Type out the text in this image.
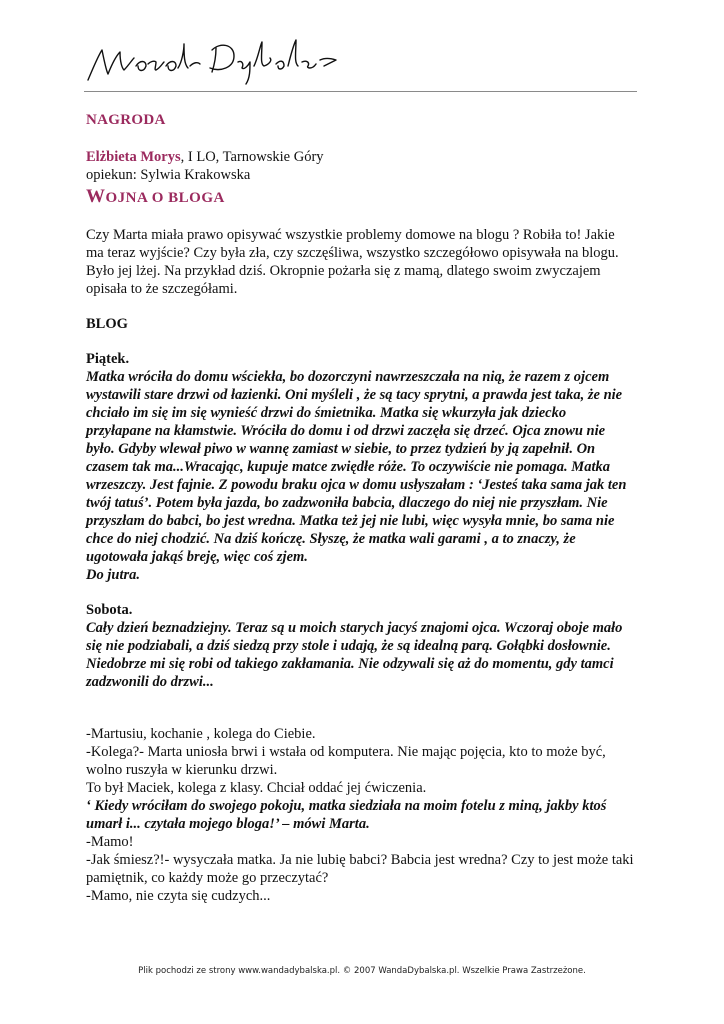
NAGRODA
Elżbieta Morys, I LO, Tarnowskie Góry
opiekun: Sylwia Krakowska
WOJNA O BLOGA

Czy Marta miała prawo opisywać wszystkie problemy domowe na blogu ? Robiła to! Jakie ma teraz wyjście? Czy była zła, czy szczęśliwa, wszystko szczegółowo opisywała na blogu. Było jej lżej. Na przykład dziś. Okropnie pożarła się z mamą, dlatego swoim zwyczajem opisała to że szczegółami.

BLOG

Piątek.

Matka wróciła do domu wściekła, bo dozorczyni nawrzeszczała na nią, że razem z ojcem wystawili stare drzwi od łazienki. Oni myśleli , że są tacy sprytni, a prawda jest taka, że nie chciało im się im się wynieść drzwi do śmietnika. Matka się wkurzyła jak dziecko przyłapane na kłamstwie. Wróciła do domu i od drzwi zaczęła się drzeć. Ojca znowu nie było. Gdyby wlewał piwo w wannę zamiast w siebie, to przez tydzień by ją zapełnił. On czasem tak ma...Wracając, kupuje matce zwiędłe róże. To oczywiście nie pomaga. Matka wrzeszczy. Jest fajnie. Z powodu braku ojca w domu usłyszałam : ‘Jesteś taka sama jak ten twój tatuś’. Potem była jazda, bo zadzwoniła babcia, dlaczego do niej nie przyszłam. Nie przyszłam do babci, bo jest wredna. Matka też jej nie lubi, więc wysyła mnie, bo sama nie chce do niej chodzić. Na dziś kończę. Słyszę, że matka wali garami , a to znaczy, że ugotowała jakąś breję, więc coś zjem.

Do jutra.

Sobota.

Cały dzień beznadziejny. Teraz są u moich starych jacyś znajomi ojca. Wczoraj oboje mało się nie podziabali, a dziś siedzą przy stole i udają, że są idealną parą. Gołąbki dosłownie. Niedobrze mi się robi od takiego zakłamania. Nie odzywali się aż do momentu, gdy tamci zadzwonili do drzwi...

-Martusiu, kochanie , kolega do Ciebie.

-Kolega?- Marta uniosła brwi i wstała od komputera. Nie mając pojęcia, kto to może być, wolno ruszyła w kierunku drzwi.

To był Maciek, kolega z klasy. Chciał oddać jej ćwiczenia.

‘ Kiedy wróciłam do swojego pokoju, matka siedziała na moim fotelu z miną, jakby ktoś umarł i... czytała mojego bloga!’ – mówi Marta.

-Mamo!

-Jak śmiesz?!- wysyczała matka. Ja nie lubię babci? Babcia jest wredna? Czy to jest może taki pamiętnik, co każdy może go przeczytać?

-Mamo, nie czyta się cudzych...

Plik pochodzi ze strony www.wandadybalska.pl. © 2007 WandaDybalska.pl. Wszelkie Prawa Zastrzeżone.
